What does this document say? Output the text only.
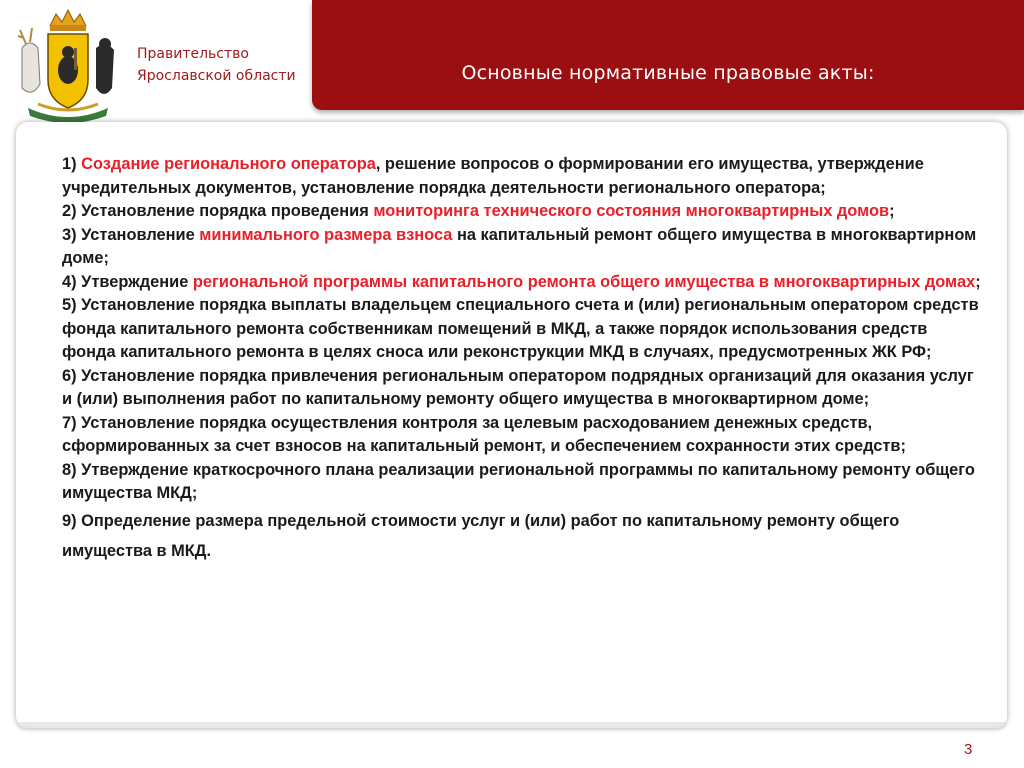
Правительство
Ярославской области	Основные нормативные правовые акты:

1) Создание регионального оператора, решение вопросов о формировании его имущества, утверждение учредительных документов, установление порядка деятельности регионального оператора;

2) Установление порядка проведения мониторинга технического состояния многоквартирных домов;

3) Установление минимального размера взноса на капитальный ремонт общего имущества в многоквартирном доме;

4) Утверждение региональной программы капитального ремонта общего имущества в многоквартирных домах;

5) Установление порядка выплаты владельцем специального счета и (или) региональным оператором средств фонда капитального ремонта собственникам помещений в МКД, а также порядок использования средств фонда капитального ремонта в целях сноса или реконструкции МКД в случаях, предусмотренных ЖК РФ;

6) Установление порядка привлечения региональным оператором подрядных организаций для оказания услуг и (или) выполнения работ по капитальному ремонту общего имущества в многоквартирном доме;

7) Установление порядка осуществления контроля за целевым расходованием денежных средств, сформированных за счет взносов на капитальный ремонт, и обеспечением сохранности этих средств;

8) Утверждение краткосрочного плана реализации региональной программы по капитальному ремонту общего имущества МКД;

9) Определение размера предельной стоимости услуг и (или) работ по капитальному ремонту общего имущества в МКД.

3
